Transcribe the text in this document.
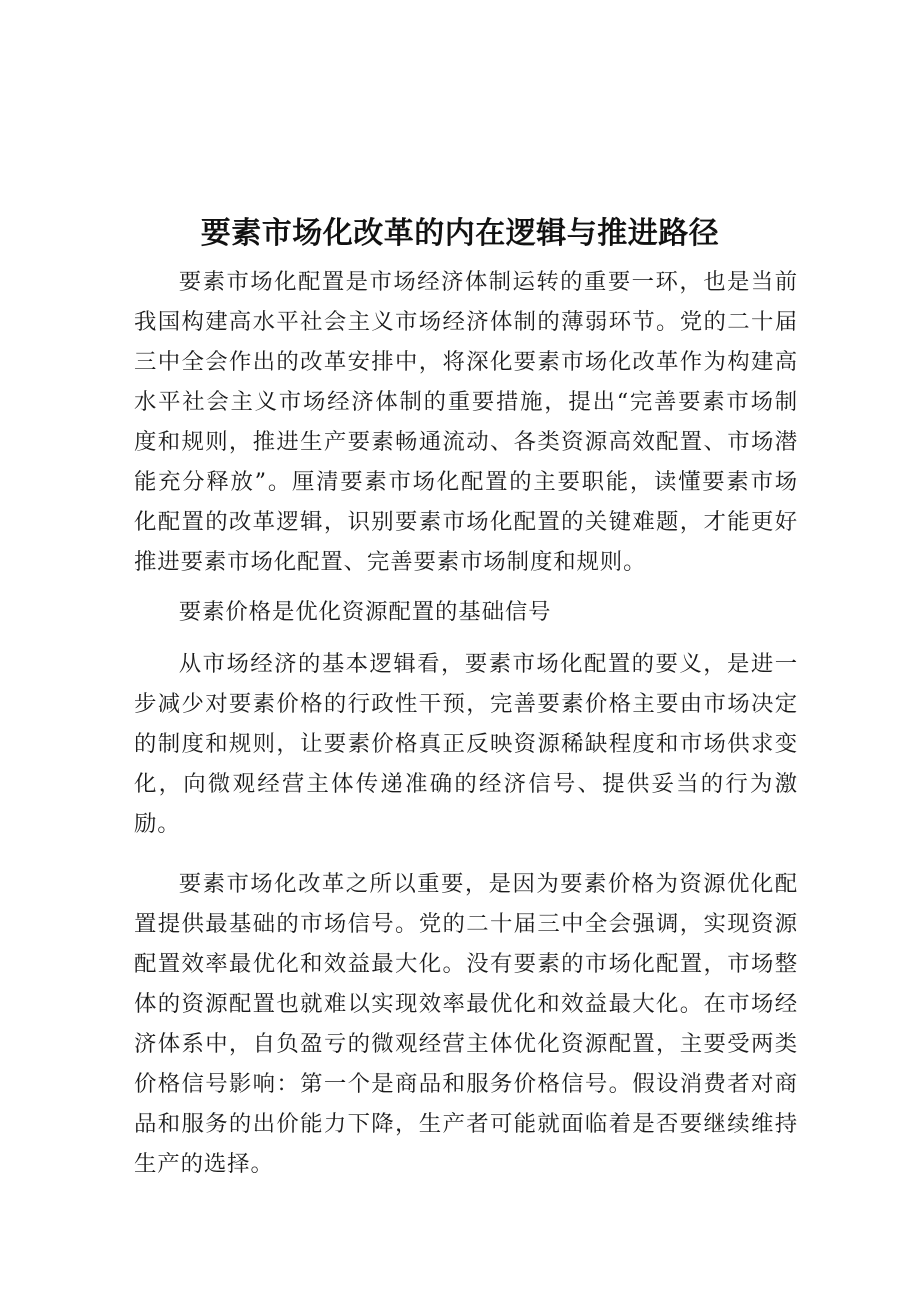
要素市场化改革的内在逻辑与推进路径

要素市场化配置是市场经济体制运转的重要一环，也是当前我国构建高水平社会主义市场经济体制的薄弱环节。党的二十届三中全会作出的改革安排中，将深化要素市场化改革作为构建高水平社会主义市场经济体制的重要措施，提出“完善要素市场制度和规则，推进生产要素畅通流动、各类资源高效配置、市场潜能充分释放”。厘清要素市场化配置的主要职能，读懂要素市场化配置的改革逻辑，识别要素市场化配置的关键难题，才能更好推进要素市场化配置、完善要素市场制度和规则。

要素价格是优化资源配置的基础信号

从市场经济的基本逻辑看，要素市场化配置的要义，是进一步减少对要素价格的行政性干预，完善要素价格主要由市场决定的制度和规则，让要素价格真正反映资源稀缺程度和市场供求变化，向微观经营主体传递准确的经济信号、提供妥当的行为激励。

要素市场化改革之所以重要，是因为要素价格为资源优化配置提供最基础的市场信号。党的二十届三中全会强调，实现资源配置效率最优化和效益最大化。没有要素的市场化配置，市场整体的资源配置也就难以实现效率最优化和效益最大化。在市场经济体系中，自负盈亏的微观经营主体优化资源配置，主要受两类价格信号影响：第一个是商品和服务价格信号。假设消费者对商品和服务的出价能力下降，生产者可能就面临着是否要继续维持生产的选择。
